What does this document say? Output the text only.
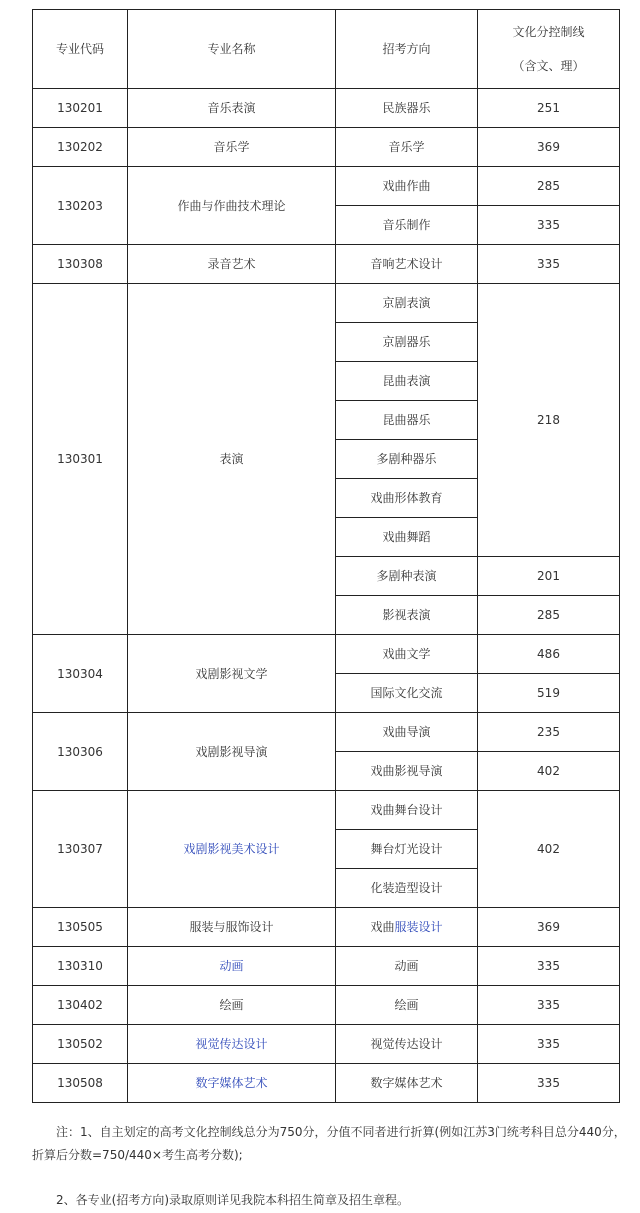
专业代码	专业名称	招考方向	文化分控制线
（含文、理）

130201	音乐表演	民族器乐	251
130202	音乐学	音乐学	369
130203	作曲与作曲技术理论	戏曲作曲	285
		音乐制作	335
130308	录音艺术	音响艺术设计	335
130301	表演	京剧表演	218
		京剧器乐	
		昆曲表演	
		昆曲器乐	
		多剧种器乐	
		戏曲形体教育	
		戏曲舞蹈	
		多剧种表演	201
		影视表演	285
130304	戏剧影视文学	戏曲文学	486
		国际文化交流	519
130306	戏剧影视导演	戏曲导演	235
		戏曲影视导演	402
130307	戏剧影视美术设计	戏曲舞台设计	402
		舞台灯光设计	
		化装造型设计	
130505	服装与服饰设计	戏曲服装设计	369
130310	动画	动画	335
130402	绘画	绘画	335
130502	视觉传达设计	视觉传达设计	335
130508	数字媒体艺术	数字媒体艺术	335

注：1、自主划定的高考文化控制线总分为750分，分值不同者进行折算(例如江苏3门统考科目总分440分，折算后分数=750/440×考生高考分数);

2、各专业(招考方向)录取原则详见我院本科招生简章及招生章程。
